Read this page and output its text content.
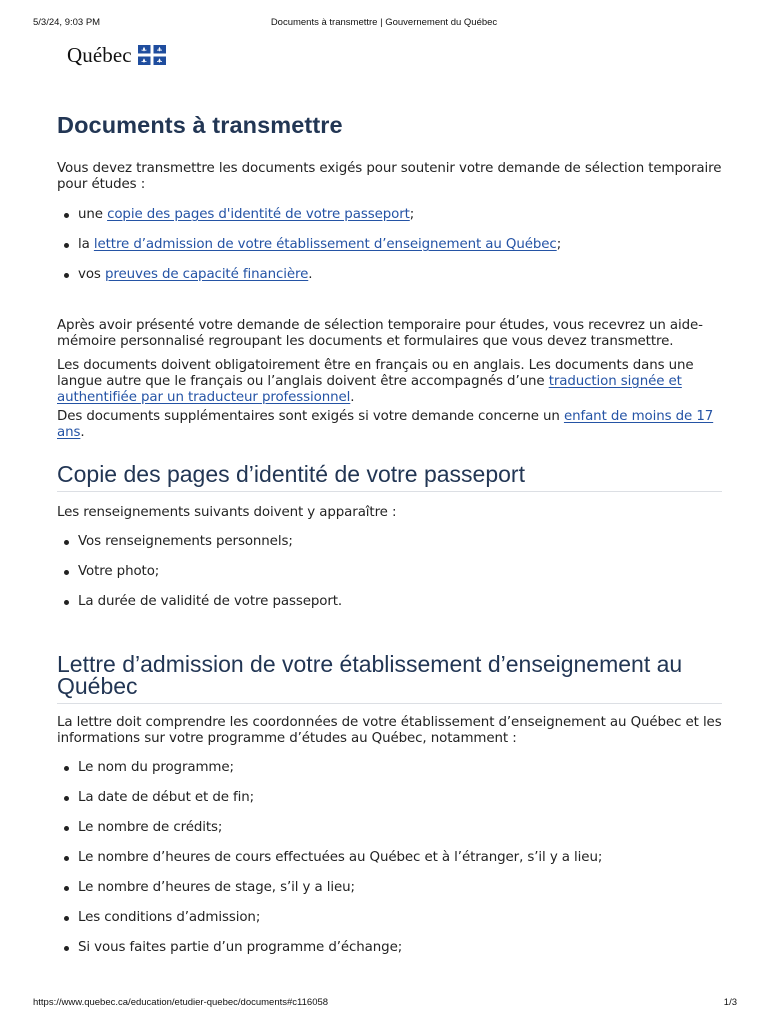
5/3/24, 9:03 PM	Documents à transmettre | Gouvernement du Québec
Québec
Documents à transmettre

Vous devez transmettre les documents exigés pour soutenir votre demande de sélection temporaire pour études :

une copie des pages d'identité de votre passeport;
la lettre d’admission de votre établissement d’enseignement au Québec;
vos preuves de capacité financière.

Après avoir présenté votre demande de sélection temporaire pour études, vous recevrez un aide-mémoire personnalisé regroupant les documents et formulaires que vous devez transmettre.

Les documents doivent obligatoirement être en français ou en anglais. Les documents dans une langue autre que le français ou l’anglais doivent être accompagnés d’une traduction signée et authentifiée par un traducteur professionnel.

Des documents supplémentaires sont exigés si votre demande concerne un enfant de moins de 17 ans.

Copie des pages d’identité de votre passeport

Les renseignements suivants doivent y apparaître :

Vos renseignements personnels;
Votre photo;
La durée de validité de votre passeport.
Lettre d’admission de votre établissement d’enseignement au Québec

La lettre doit comprendre les coordonnées de votre établissement d’enseignement au Québec et les informations sur votre programme d’études au Québec, notamment :

Le nom du programme;
La date de début et de fin;
Le nombre de crédits;
Le nombre d’heures de cours effectuées au Québec et à l’étranger, s’il y a lieu;
Le nombre d’heures de stage, s’il y a lieu;
Les conditions d’admission;
Si vous faites partie d’un programme d’échange;
https://www.quebec.ca/education/etudier-quebec/documents#c116058	1/3
